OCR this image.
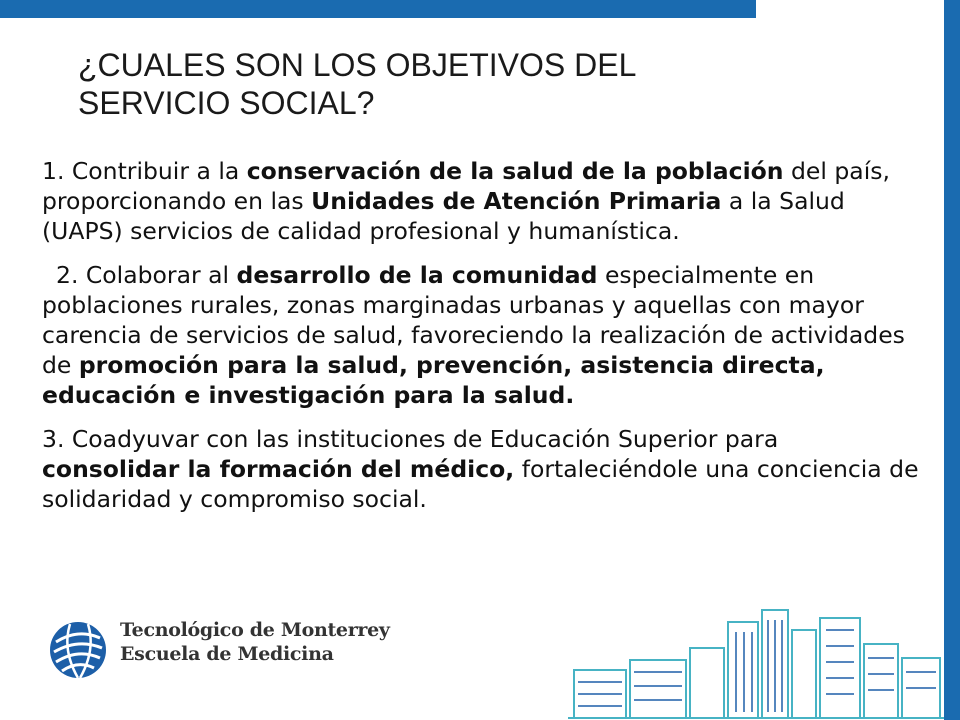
¿CUALES SON LOS OBJETIVOS DEL
SERVICIO SOCIAL?

1. Contribuir a la conservación de la salud de la población del país, proporcionando en las Unidades de Atención Primaria a la Salud (UAPS) servicios de calidad profesional y humanística.

2. Colaborar al desarrollo de la comunidad especialmente en poblaciones rurales, zonas marginadas urbanas y aquellas con mayor carencia de servicios de salud, favoreciendo la realización de actividades de promoción para la salud, prevención, asistencia directa, educación e investigación para la salud.

3. Coadyuvar con las instituciones de Educación Superior para consolidar la formación del médico, fortaleciéndole una conciencia de solidaridad y compromiso social.

Tecnológico de Monterrey
Escuela de Medicina
